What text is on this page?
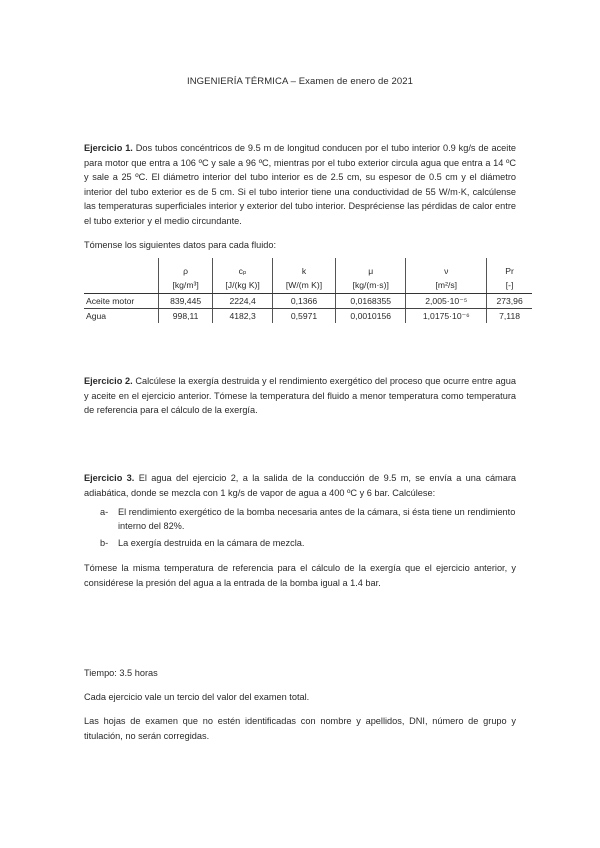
INGENIERÍA TÉRMICA – Examen de enero de 2021
Ejercicio 1. Dos tubos concéntricos de 9.5 m de longitud conducen por el tubo interior 0.9 kg/s de aceite para motor que entra a 106 ºC y sale a 96 ºC, mientras por el tubo exterior circula agua que entra a 14 ºC y sale a 25 ºC. El diámetro interior del tubo interior es de 2.5 cm, su espesor de 0.5 cm y el diámetro interior del tubo exterior es de 5 cm. Si el tubo interior tiene una conductividad de 55 W/m·K, calcúlense las temperaturas superficiales interior y exterior del tubo interior. Despréciense las pérdidas de calor entre el tubo exterior y el medio circundante.
Tómense los siguientes datos para cada fluido:
	ρ	cₚ	k	μ	ν	Pr
	[kg/m³]	[J/(kg K)]	[W/(m K)]	[kg/(m·s)]	[m²/s]	[-]
Aceite motor	839,445	2224,4	0,1366	0,0168355	2,005·10⁻⁵	273,96
Agua	998,11	4182,3	0,5971	0,0010156	1,0175·10⁻⁶	7,118
Ejercicio 2. Calcúlese la exergía destruida y el rendimiento exergético del proceso que ocurre entre agua y aceite en el ejercicio anterior. Tómese la temperatura del fluido a menor temperatura como temperatura de referencia para el cálculo de la exergía.
Ejercicio 3. El agua del ejercicio 2, a la salida de la conducción de 9.5 m, se envía a una cámara adiabática, donde se mezcla con 1 kg/s de vapor de agua a 400 ºC y 6 bar. Calcúlese:
a- El rendimiento exergético de la bomba necesaria antes de la cámara, si ésta tiene un rendimiento interno del 82%.
b- La exergía destruida en la cámara de mezcla.
Tómese la misma temperatura de referencia para el cálculo de la exergía que el ejercicio anterior, y considérese la presión del agua a la entrada de la bomba igual a 1.4 bar.
Tiempo: 3.5 horas
Cada ejercicio vale un tercio del valor del examen total.
Las hojas de examen que no estén identificadas con nombre y apellidos, DNI, número de grupo y titulación, no serán corregidas.
